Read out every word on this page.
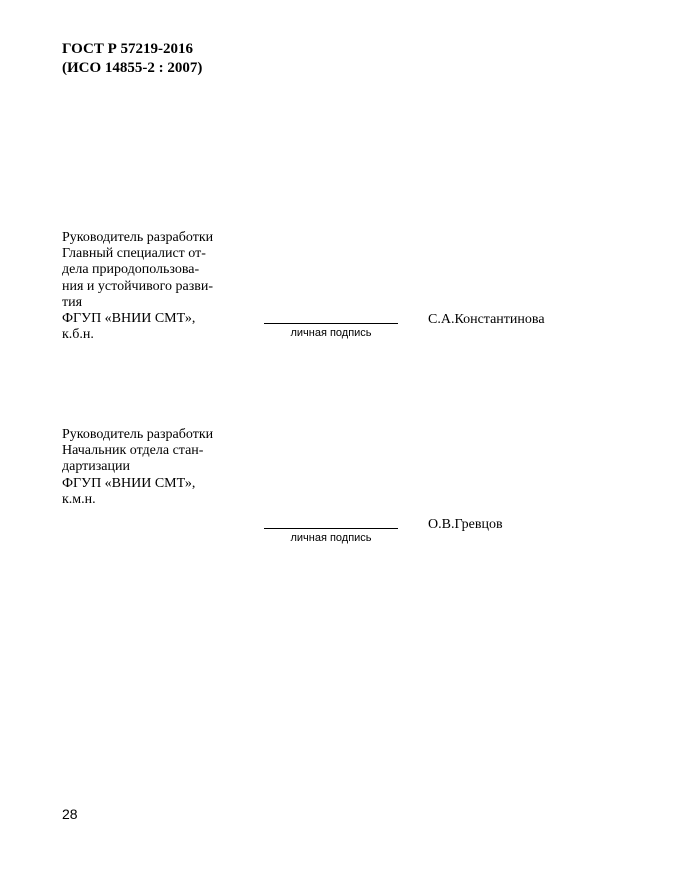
ГОСТ Р 57219-2016
(ИСО 14855-2 : 2007)
Руководитель разработки
Главный специалист от-
дела природопользова-
ния и устойчивого разви-
тия
ФГУП «ВНИИ СМТ»,
к.б.н.	личная подпись
С.А.Константинова
Руководитель разработки
Начальник отдела стан-
дартизации
ФГУП «ВНИИ СМТ»,
к.м.н.
личная подпись
О.В.Гревцов
28
